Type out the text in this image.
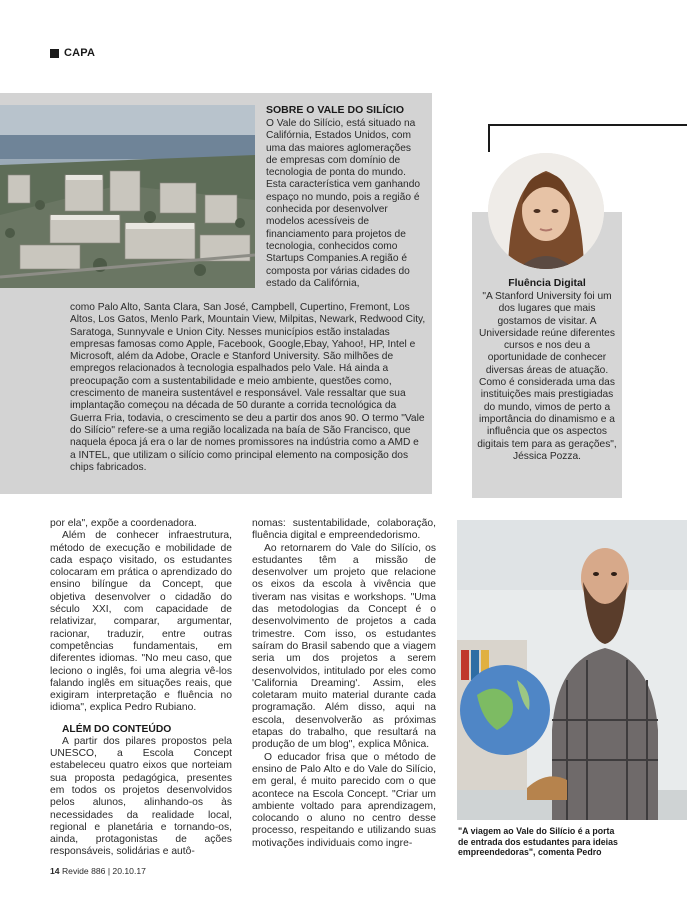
CAPA
SOBRE O VALE DO SILÍCIO
O Vale do Silício, está situado na Califórnia, Estados Unidos, com uma das maiores aglomerações de empresas com domínio de tecnologia de ponta do mundo. Esta característica vem ganhando espaço no mundo, pois a região é conhecida por desenvolver modelos acessíveis de financiamento para projetos de tecnologia, conhecidos como Startups Companies.A região é composta por várias cidades do estado da Califórnia,
como Palo Alto, Santa Clara, San José, Campbell, Cupertino, Fremont, Los Altos, Los Gatos, Menlo Park, Mountain View, Milpitas, Newark, Redwood City, Saratoga, Sunnyvale e Union City. Nesses municípios estão instaladas empresas famosas como Apple, Facebook, Google,Ebay, Yahoo!, HP, Intel e Microsoft, além da Adobe, Oracle e Stanford University. São milhões de empregos relacionados à tecnologia espalhados pelo Vale. Há ainda a preocupação com a sustentabilidade e meio ambiente, questões como, crescimento de maneira sustentável e responsável. Vale ressaltar que sua implantação começou na década de 50 durante a corrida tecnológica da Guerra Fria, todavia, o crescimento se deu a partir dos anos 90. O termo "Vale do Silício" refere-se a uma região localizada na baía de São Francisco, que naquela época já era o lar de nomes promissores na indústria como a AMD e a INTEL, que utilizam o silício como principal elemento na composição dos chips fabricados.
Fluência Digital
"A Stanford University foi um dos lugares que mais gostamos de visitar. A Universidade reúne diferentes cursos e nos deu a oportunidade de conhecer diversas áreas de atuação. Como é considerada uma das instituições mais prestigiadas do mundo, vimos de perto a importância do dinamismo e a influência que os aspectos digitais tem para as gerações", Jéssica Pozza.

por ela", expõe a coordenadora.

Além de conhecer infraestrutura, método de execução e mobilidade de cada espaço visitado, os estudantes colocaram em prática o aprendizado do ensino bilíngue da Concept, que objetiva desenvolver o cidadão do século XXI, com capacidade de relativizar, comparar, argumentar, racionar, traduzir, entre outras competências fundamentais, em diferentes idiomas. "No meu caso, que leciono o inglês, foi uma alegria vê-los falando inglês em situações reais, que exigiram interpretação e fluência no idioma", explica Pedro Rubiano.

ALÉM DO CONTEÚDO

A partir dos pilares propostos pela UNESCO, a Escola Concept estabeleceu quatro eixos que norteiam sua proposta pedagógica, presentes em todos os projetos desenvolvidos pelos alunos, alinhando-os às necessidades da realidade local, regional e planetária e tornando-os, ainda, protagonistas de ações responsáveis, solidárias e autô-

nomas: sustentabilidade, colaboração, fluência digital e empreendedorismo.

Ao retornarem do Vale do Silício, os estudantes têm a missão de desenvolver um projeto que relacione os eixos da escola à vivência que tiveram nas visitas e workshops. "Uma das metodologias da Concept é o desenvolvimento de projetos a cada trimestre. Com isso, os estudantes saíram do Brasil sabendo que a viagem seria um dos projetos a serem desenvolvidos, intitulado por eles como 'California Dreaming'. Assim, eles coletaram muito material durante cada programação. Além disso, aqui na escola, desenvolverão as próximas etapas do trabalho, que resultará na produção de um blog", explica Mônica.

O educador frisa que o método de ensino de Palo Alto e do Vale do Silício, em geral, é muito parecido com o que acontece na Escola Concept. "Criar um ambiente voltado para aprendizagem, colocando o aluno no centro desse processo, respeitando e utilizando suas motivações individuais como ingre-

"A viagem ao Vale do Silício é a porta de entrada dos estudantes para ideias empreendedoras", comenta Pedro
14 Revide 886 | 20.10.17
